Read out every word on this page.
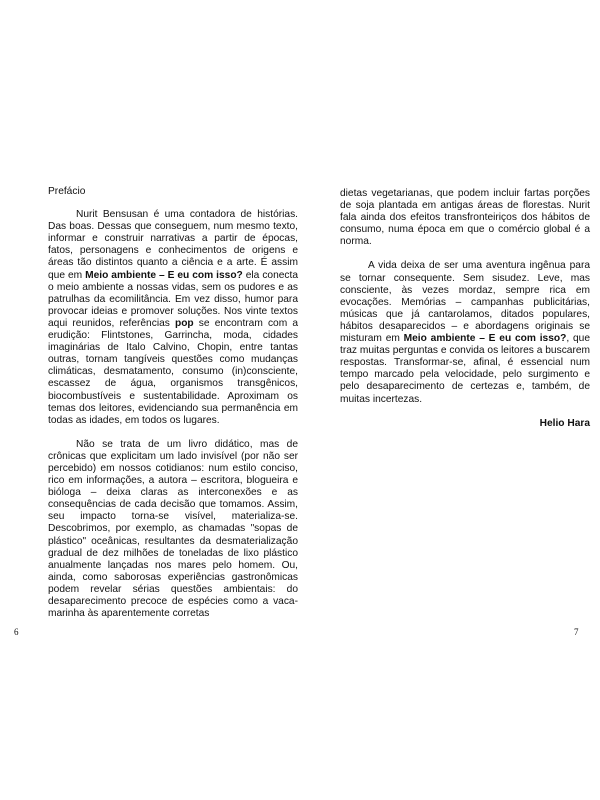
Prefácio

Nurit Bensusan é uma contadora de histórias. Das boas. Dessas que conseguem, num mesmo texto, informar e construir narrativas a partir de épocas, fatos, personagens e conhecimentos de origens e áreas tão distintos quanto a ciência e a arte. É assim que em Meio ambiente – E eu com isso? ela conecta o meio ambiente a nossas vidas, sem os pudores e as patrulhas da ecomilitância. Em vez disso, humor para provocar ideias e promover soluções. Nos vinte textos aqui reunidos, referências pop se encontram com a erudição: Flintstones, Garrincha, moda, cidades imaginárias de Italo Calvino, Chopin, entre tantas outras, tornam tangíveis questões como mudanças climáticas, desmatamento, consumo (in)consciente, escassez de água, organismos transgênicos, biocombustíveis e sustentabilidade. Aproximam os temas dos leitores, evidenciando sua permanência em todas as idades, em todos os lugares.

Não se trata de um livro didático, mas de crônicas que explicitam um lado invisível (por não ser percebido) em nossos cotidianos: num estilo conciso, rico em informações, a autora – escritora, blogueira e bióloga – deixa claras as interconexões e as consequências de cada decisão que tomamos. Assim, seu impacto torna-se visível, materializa-se. Descobrimos, por exemplo, as chamadas "sopas de plástico" oceânicas, resultantes da desmaterialização gradual de dez milhões de toneladas de lixo plástico anualmente lançadas nos mares pelo homem. Ou, ainda, como saborosas experiências gastronômicas podem revelar sérias questões ambientais: do desaparecimento precoce de espécies como a vaca-marinha às aparentemente corretas

6

dietas vegetarianas, que podem incluir fartas porções de soja plantada em antigas áreas de florestas. Nurit fala ainda dos efeitos transfronteiriços dos hábitos de consumo, numa época em que o comércio global é a norma.

A vida deixa de ser uma aventura ingênua para se tornar consequente. Sem sisudez. Leve, mas consciente, às vezes mordaz, sempre rica em evocações. Memórias – campanhas publicitárias, músicas que já cantarolamos, ditados populares, hábitos desaparecidos – e abordagens originais se misturam em Meio ambiente – E eu com isso?, que traz muitas perguntas e convida os leitores a buscarem respostas. Transformar-se, afinal, é essencial num tempo marcado pela velocidade, pelo surgimento e pelo desaparecimento de certezas e, também, de muitas incertezas.

Helio Hara

7
